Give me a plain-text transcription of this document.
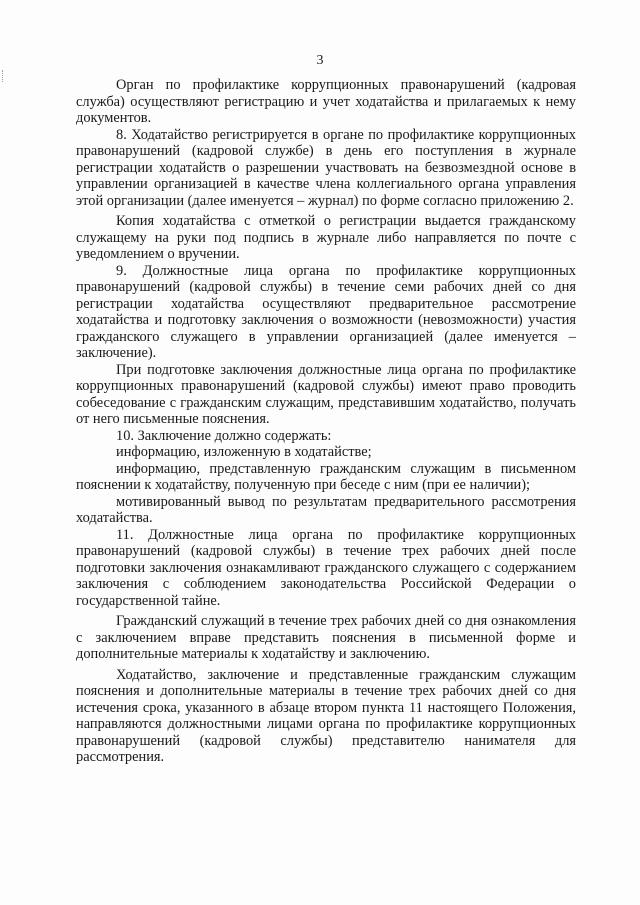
3

Орган по профилактике коррупционных правонарушений (кадровая служба) осуществляют регистрацию и учет ходатайства и прилагаемых к нему документов.

8. Ходатайство регистрируется в органе по профилактике коррупционных правонарушений (кадровой службе) в день его поступления в журнале регистрации ходатайств о разрешении участвовать на безвозмездной основе в управлении организацией в качестве члена коллегиального органа управления этой организации (далее именуется – журнал) по форме согласно приложению 2.

Копия ходатайства с отметкой о регистрации выдается гражданскому служащему на руки под подпись в журнале либо направляется по почте с уведомлением о вручении.

9. Должностные лица органа по профилактике коррупционных правонарушений (кадровой службы) в течение семи рабочих дней со дня регистрации ходатайства осуществляют предварительное рассмотрение ходатайства и подготовку заключения о возможности (невозможности) участия гражданского служащего в управлении организацией (далее именуется – заключение).

При подготовке заключения должностные лица органа по профилактике коррупционных правонарушений (кадровой службы) имеют право проводить собеседование с гражданским служащим, представившим ходатайство, получать от него письменные пояснения.

10. Заключение должно содержать:

информацию, изложенную в ходатайстве;

информацию, представленную гражданским служащим в письменном пояснении к ходатайству, полученную при беседе с ним (при ее наличии);

мотивированный вывод по результатам предварительного рассмотрения ходатайства.

11. Должностные лица органа по профилактике коррупционных правонарушений (кадровой службы) в течение трех рабочих дней после подготовки заключения ознакамливают гражданского служащего с содержанием заключения с соблюдением законодательства Российской Федерации о государственной тайне.

Гражданский служащий в течение трех рабочих дней со дня ознакомления с заключением вправе представить пояснения в письменной форме и дополнительные материалы к ходатайству и заключению.

Ходатайство, заключение и представленные гражданским служащим пояснения и дополнительные материалы в течение трех рабочих дней со дня истечения срока, указанного в абзаце втором пункта 11 настоящего Положения, направляются должностными лицами органа по профилактике коррупционных правонарушений (кадровой службы) представителю нанимателя для рассмотрения.
